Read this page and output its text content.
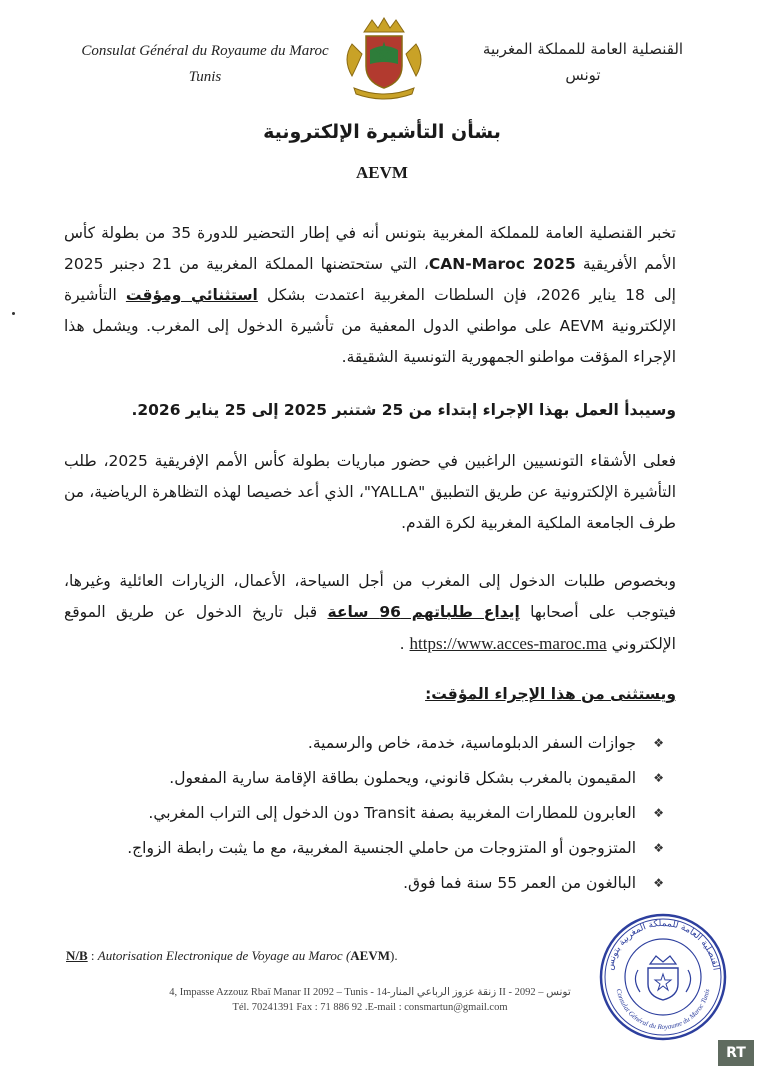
Consulat Général du Royaume du Maroc
Tunis
القنصلية العامة للمملكة المغربية
تونس
بشأن التأشيرة الإلكترونية
AEVM
تخبر القنصلية العامة للمملكة المغربية بتونس أنه في إطار التحضير للدورة 35 من بطولة كأس الأمم الأفريقية CAN-Maroc 2025، التي ستحتضنها المملكة المغربية من 21 دجنبر 2025 إلى 18 يناير 2026، فإن السلطات المغربية اعتمدت بشكل استثنائي ومؤقت التأشيرة الإلكترونية AEVM على مواطني الدول المعفية من تأشيرة الدخول إلى المغرب. ويشمل هذا الإجراء المؤقت مواطنو الجمهورية التونسية الشقيقة.
وسيبدأ العمل بهذا الإجراء إبتداء من 25 شتنبر 2025 إلى 25 يناير 2026.
فعلى الأشقاء التونسيين الراغبين في حضور مباريات بطولة كأس الأمم الإفريقية 2025، طلب التأشيرة الإلكترونية عن طريق التطبيق "YALLA"، الذي أعد خصيصا لهذه التظاهرة الرياضية، من طرف الجامعة الملكية المغربية لكرة القدم.
وبخصوص طلبات الدخول إلى المغرب من أجل السياحة، الأعمال، الزيارات العائلية وغيرها، فيتوجب على أصحابها إيداع طلباتهم 96 ساعة قبل تاريخ الدخول عن طريق الموقع الإلكتروني https://www.acces-maroc.ma .
ويستثنى من هذا الإجراء المؤقت:
❖
جوازات السفر الدبلوماسية، خدمة، خاص والرسمية.
❖
المقيمون بالمغرب بشكل قانوني، ويحملون بطاقة الإقامة سارية المفعول.
❖
العابرون للمطارات المغربية بصفة Transit دون الدخول إلى التراب المغربي.
❖
المتزوجون أو المتزوجات من حاملي الجنسية المغربية، مع ما يثبت رابطة الزواج.
❖
البالغون من العمر 55 سنة فما فوق.
N/B : Autorisation Electronique de Voyage au Maroc (AEVM).
4, Impasse Azzouz Rbaï Manar II 2092 – Tunis - 14-زنقة عزوز الرباعي المنار II - 2092 – تونس
Tél. 70241391 Fax : 71 886 92 .E-mail : consmartun@gmail.com
القنصلية العامة للمملكة المغربية بتونس
Consulat Général du Royaume du Maroc Tunis
RT
